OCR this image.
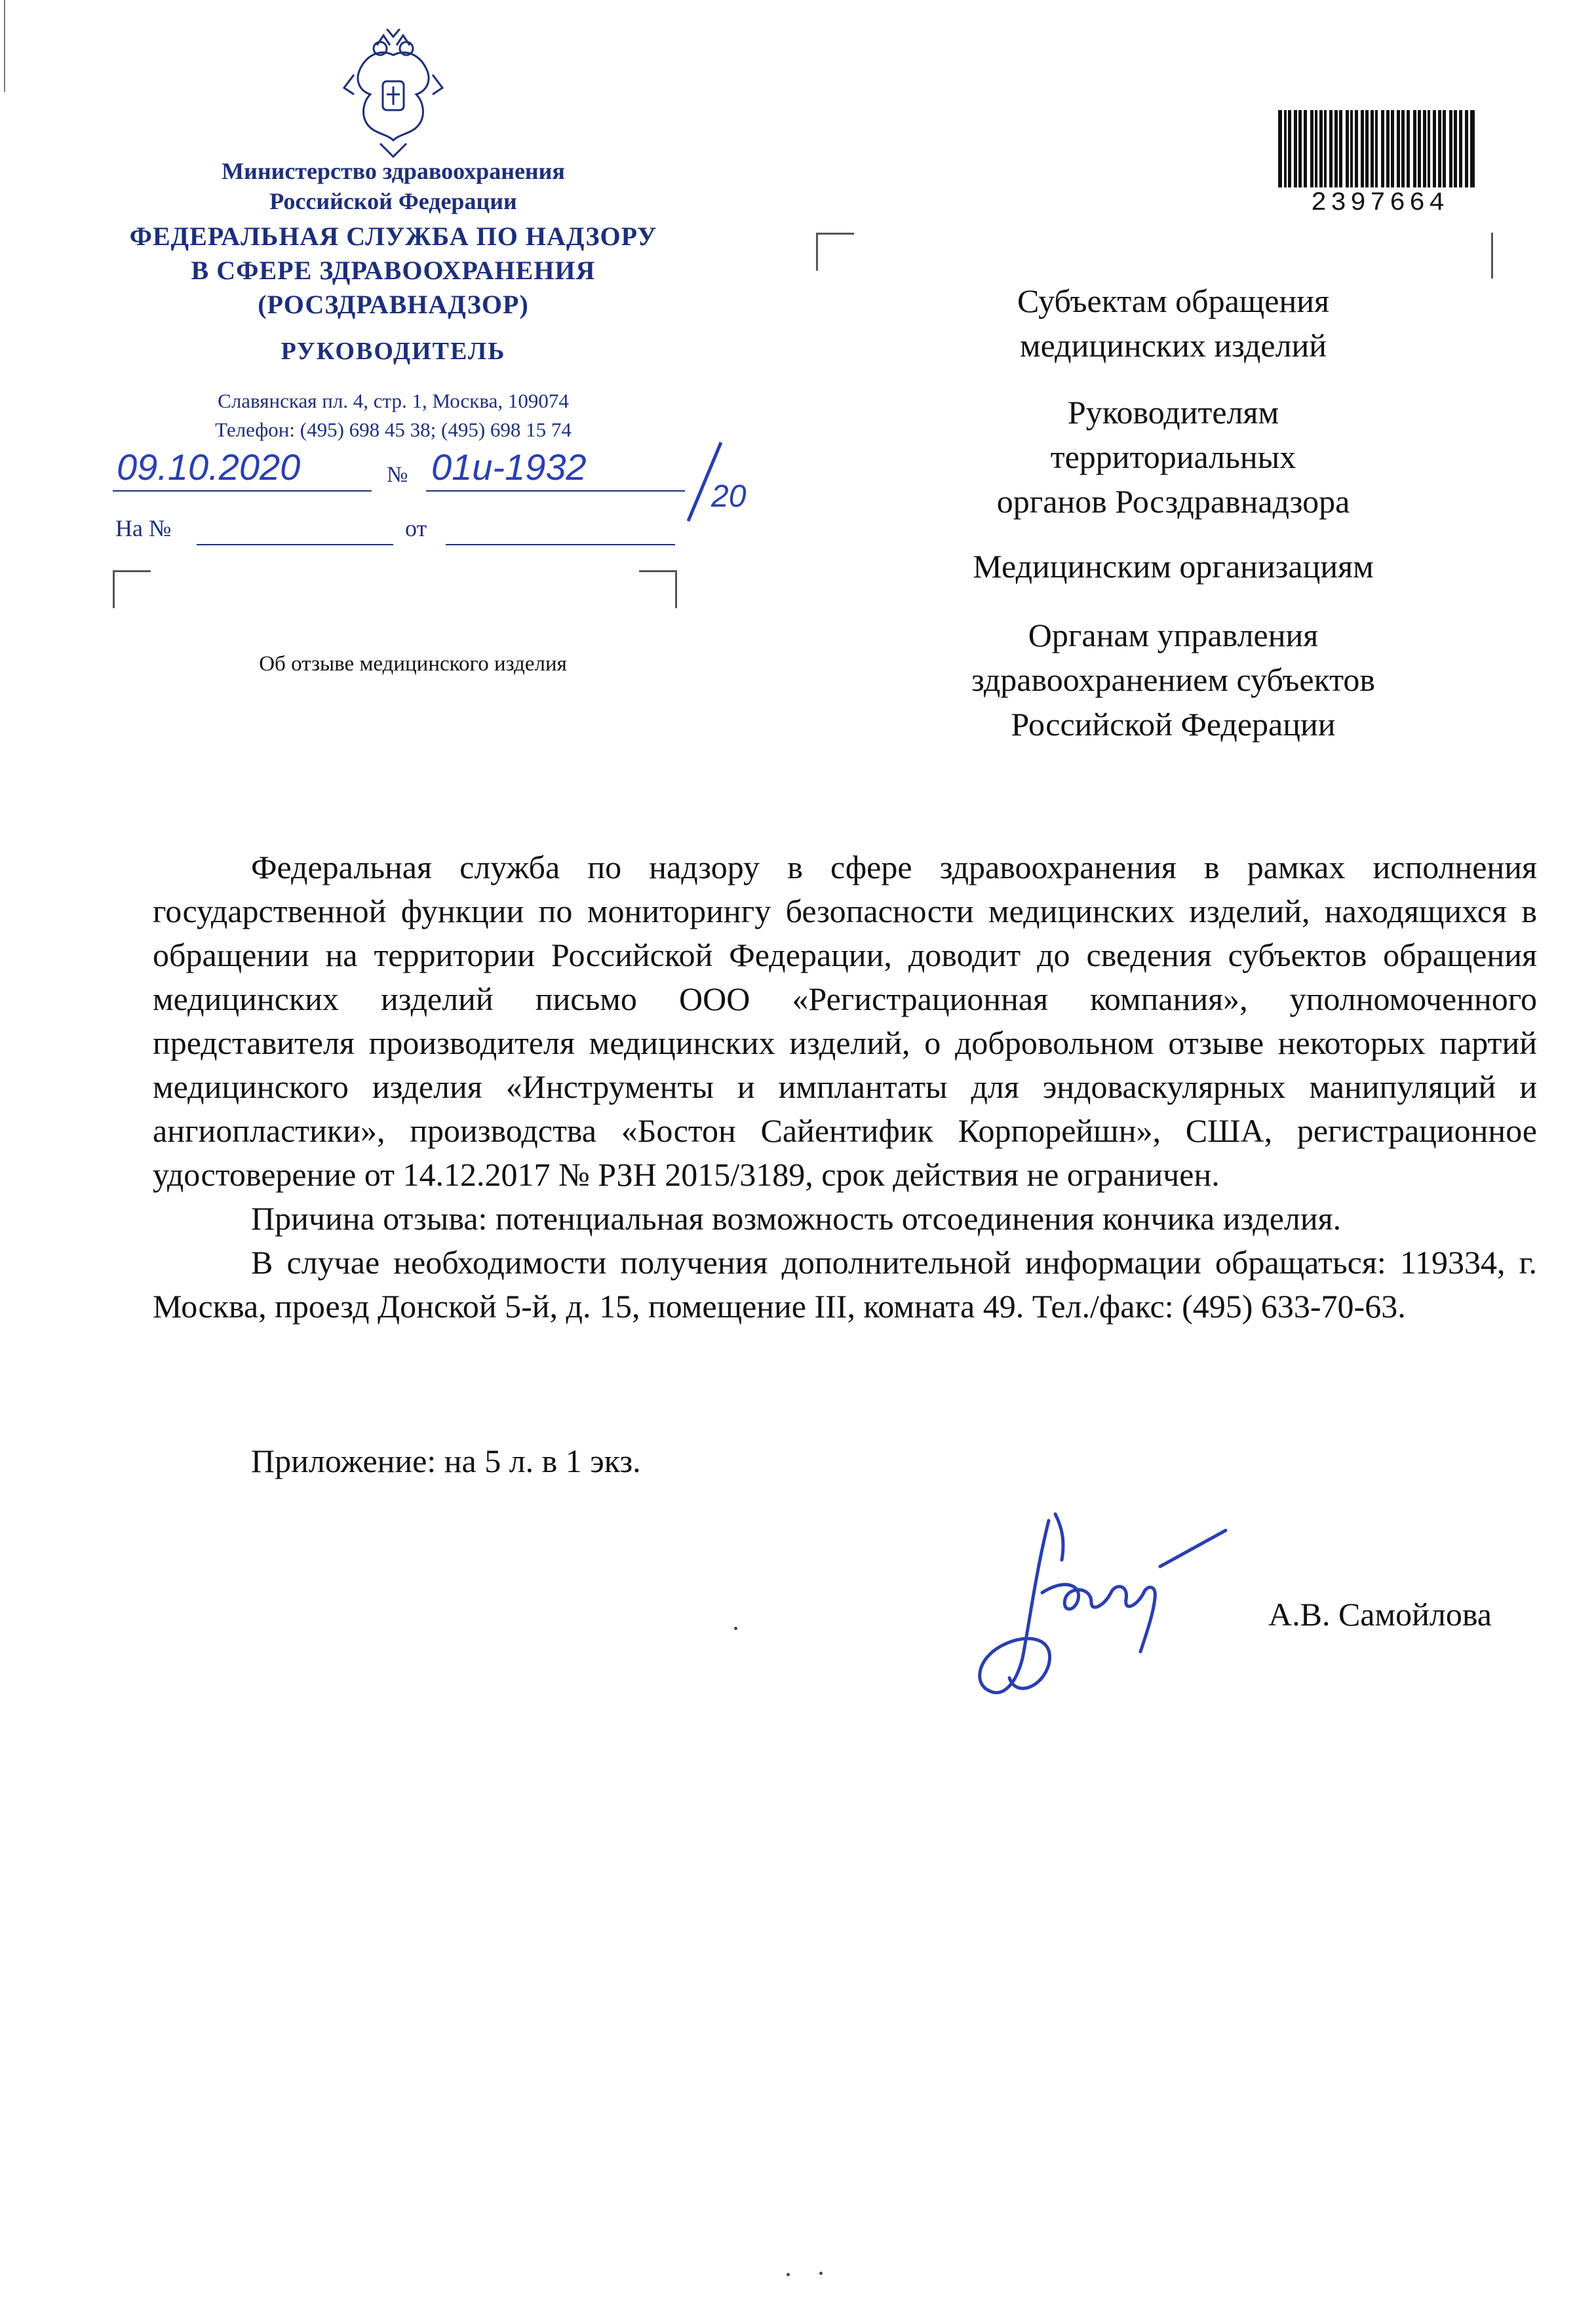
Министерство здравоохранения
Российской Федерации
ФЕДЕРАЛЬНАЯ СЛУЖБА ПО НАДЗОРУ
В СФЕРЕ ЗДРАВООХРАНЕНИЯ
(РОСЗДРАВНАДЗОР)
РУКОВОДИТЕЛЬ
Славянская пл. 4, стр. 1, Москва, 109074
Телефон: (495) 698 45 38; (495) 698 15 74
09.10.2020	№ 01и-1932
20
На №	от
Об отзыве медицинского изделия
2397664
Субъектам обращения
медицинских изделий
Руководителям
территориальных
органов Росздравнадзора
Медицинским организациям
Органам управления
здравоохранением субъектов
Российской Федерации

Федеральная служба по надзору в сфере здравоохранения в рамках исполнения государственной функции по мониторингу безопасности медицинских изделий, находящихся в обращении на территории Российской Федерации, доводит до сведения субъектов обращения медицинских изделий письмо ООО «Регистрационная компания», уполномоченного представителя производителя медицинских изделий, о добровольном отзыве некоторых партий медицинского изделия «Инструменты и имплантаты для эндоваскулярных манипуляций и ангиопластики», производства «Бостон Сайентифик Корпорейшн», США, регистрационное удостоверение от 14.12.2017 № РЗН 2015/3189, срок действия не ограничен.

Причина отзыва: потенциальная возможность отсоединения кончика изделия.

В случае необходимости получения дополнительной информации обращаться: 119334, г. Москва, проезд Донской 5-й, д. 15, помещение III, комната 49. Тел./факс: (495) 633-70-63.

Приложение: на 5 л. в 1 экз.
А.В. Самойлова
